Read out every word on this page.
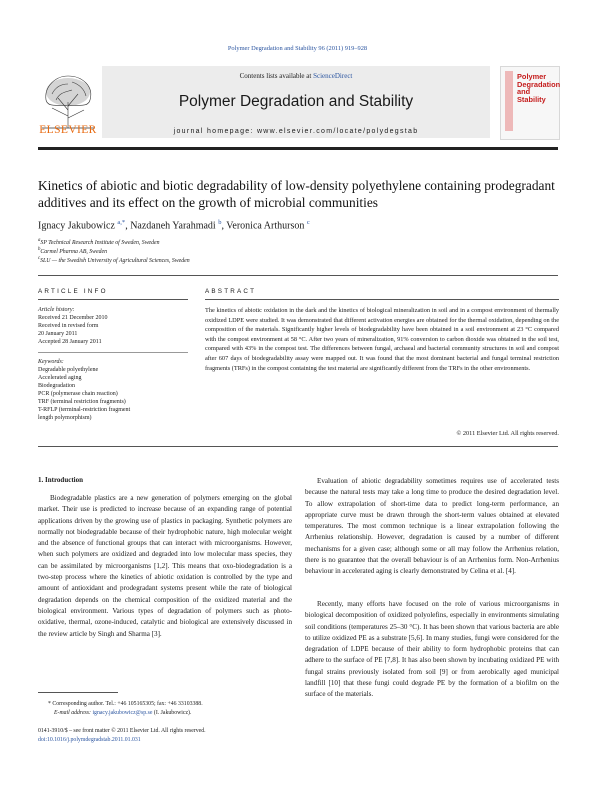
Polymer Degradation and Stability 96 (2011) 919–928
ELSEVIER
Contents lists available at ScienceDirect
Polymer Degradation and Stability
journal homepage: www.elsevier.com/locate/polydegstab
Polymer Degradation and Stability
Kinetics of abiotic and biotic degradability of low-density polyethylene containing prodegradant additives and its effect on the growth of microbial communities
Ignacy Jakubowicz $^{a,*}$, Nazdaneh Yarahmadi $^b$, Veronica Arthurson $^c$
$^a$SP Technical Research Institute of Sweden, Sweden
$^b$Carmel Pharma AB, Sweden
$^c$SLU — the Swedish University of Agricultural Sciences, Sweden
ARTICLE INFO
Article history:
Received 21 December 2010
Received in revised form
20 January 2011
Accepted 28 January 2011
Keywords:
Degradable polyethylene
Accelerated aging
Biodegradation
PCR (polymerase chain reaction)
TRF (terminal restriction fragments)
T-RFLP (terminal-restriction fragment
length polymorphism)
ABSTRACT
The kinetics of abiotic oxidation in the dark and the kinetics of biological mineralization in soil and in a compost environment of thermally oxidized LDPE were studied. It was demonstrated that different activation energies are obtained for the thermal oxidation, depending on the composition of the materials. Significantly higher levels of biodegradability have been obtained in a soil environment at 23 °C compared with the compost environment at 58 °C. After two years of mineralization, 91% conversion to carbon dioxide was obtained in the soil test, compared with 43% in the compost test. The differences between fungal, archaeal and bacterial community structures in soil and compost after 607 days of biodegradability assay were mapped out. It was found that the most dominant bacterial and fungal terminal restriction fragments (TRFs) in the compost containing the test material are significantly different from the TRFs in the other environments.
© 2011 Elsevier Ltd. All rights reserved.
1. Introduction
Biodegradable plastics are a new generation of polymers emerging on the global market. Their use is predicted to increase because of an expanding range of potential applications driven by the growing use of plastics in packaging. Synthetic polymers are normally not biodegradable because of their hydrophobic nature, high molecular weight and the absence of functional groups that can interact with microorganisms. However, when such polymers are oxidized and degraded into low molecular mass species, they can be assimilated by microorganisms [1,2]. This means that oxo-biodegradation is a two-step process where the kinetics of abiotic oxidation is controlled by the type and amount of antioxidant and prodegradant systems present while the rate of biological degradation depends on the chemical composition of the oxidized material and the biological environment. Various types of degradation of polymers such as photo-oxidative, thermal, ozone-induced, catalytic and biological are extensively discussed in the review article by Singh and Sharma [3].
Evaluation of abiotic degradability sometimes requires use of accelerated tests because the natural tests may take a long time to produce the desired degradation level. To allow extrapolation of short-time data to predict long-term performance, an appropriate curve must be drawn through the short-term values obtained at elevated temperatures. The most common technique is a linear extrapolation following the Arrhenius relationship. However, degradation is caused by a number of different mechanisms for a given case; although some or all may follow the Arrhenius relation, there is no guarantee that the overall behaviour is of an Arrhenius form. Non-Arrhenius behaviour in accelerated aging is clearly demonstrated by Celina et al. [4].
Recently, many efforts have focused on the role of various microorganisms in biological decomposition of oxidized polyolefins, especially in environments simulating soil conditions (temperatures 25–30 °C). It has been shown that various bacteria are able to utilize oxidized PE as a substrate [5,6]. In many studies, fungi were considered for the degradation of LDPE because of their ability to form hydrophobic proteins that can adhere to the surface of PE [7,8]. It has also been shown by incubating oxidized PE with fungal strains previously isolated from soil [9] or from aerobically aged municipal landfill [10] that these fungi could degrade PE by the formation of a biofilm on the surface of the materials.
* Corresponding author. Tel.: +46 105165305; fax: +46 33103388.
E-mail address: ignacy.jakubowicz@sp.se (I. Jakubowicz).
0141-3910/$ – see front matter © 2011 Elsevier Ltd. All rights reserved.
doi:10.1016/j.polymdegradstab.2011.01.031
